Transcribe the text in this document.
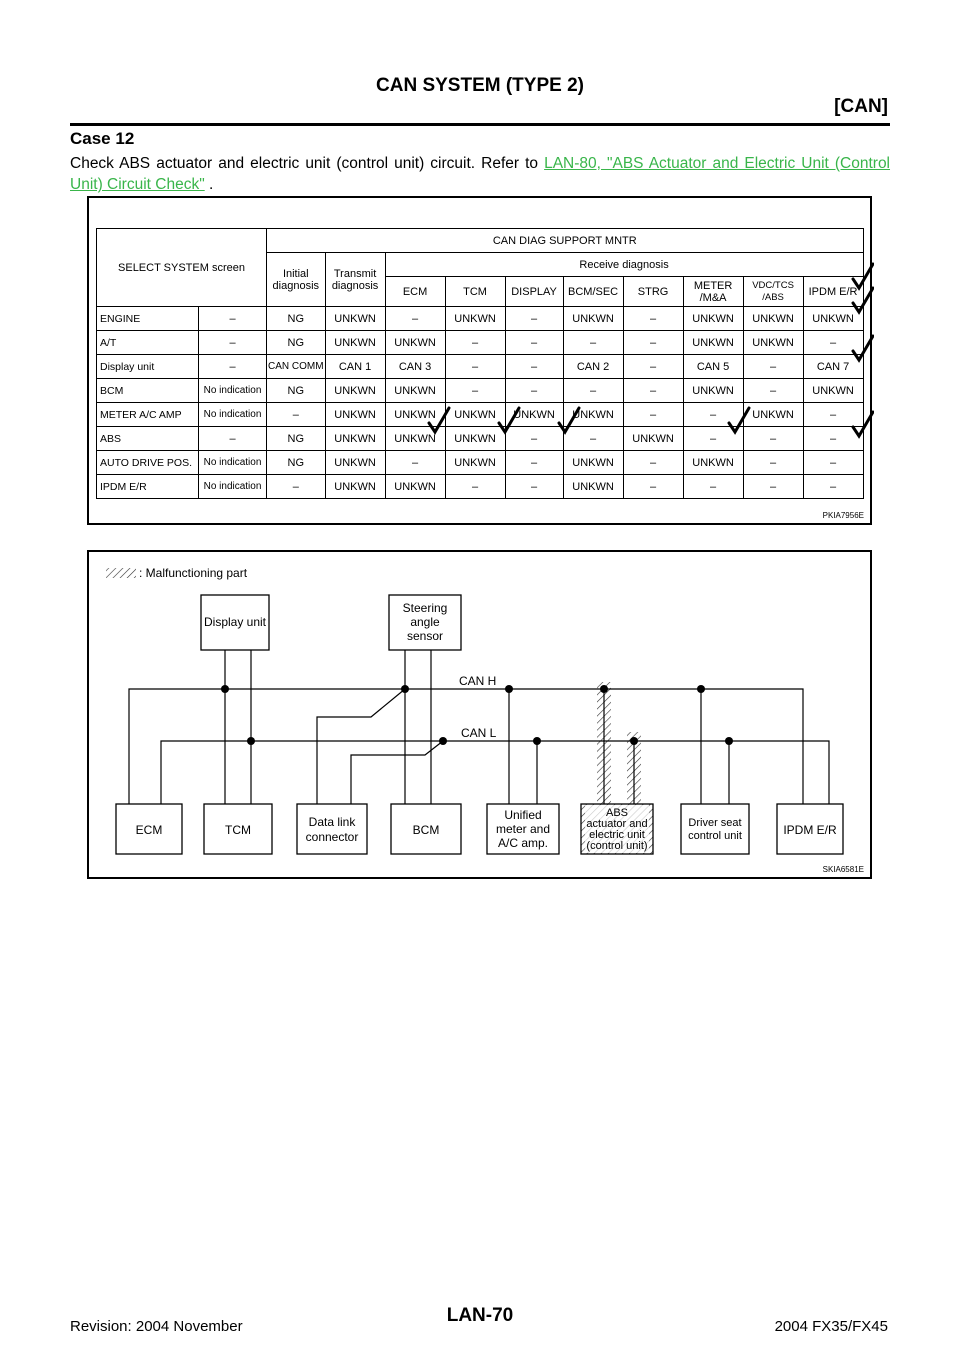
CAN SYSTEM (TYPE 2)
[CAN]
Case 12
Check ABS actuator and electric unit (control unit) circuit. Refer to LAN-80, "ABS Actuator and Electric Unit (Control Unit) Circuit Check" .
SELECT SYSTEM screen		CAN DIAG SUPPORT MNTR									
		Initial
diagnosis	Transmit
diagnosis	Receive diagnosis							
				ECM	TCM	DISPLAY	BCM/SEC	STRG	METER
/M&A	VDC/TCS
/ABS	IPDM E/R
ENGINE	–	NG	UNKWN	–	UNKWN	–	UNKWN	–	UNKWN	UNKWN	UNKWN
A/T	–	NG	UNKWN	UNKWN	–	–	–	–	UNKWN	UNKWN	–
Display unit	–	CAN COMM	CAN 1	CAN 3	–	–	CAN 2	–	CAN 5	–	CAN 7
BCM	No indication	NG	UNKWN	UNKWN	–	–	–	–	UNKWN	–	UNKWN
METER A/C AMP	No indication	–	UNKWN	UNKWN	UNKWN	UNKWN	UNKWN	–	–	UNKWN	–
ABS	–	NG	UNKWN	UNKWN	UNKWN	–	–	UNKWN	–	–	–
AUTO DRIVE POS.	No indication	NG	UNKWN	–	UNKWN	–	UNKWN	–	UNKWN	–	–
IPDM E/R	No indication	–	UNKWN	UNKWN	–	–	UNKWN	–	–	–	–
PKIA7956E
: Malfunctioning part
CAN H
CAN L
Display unit
Steering
angle
sensor
ECM	TCM
Data link
connector	BCM
Unified
meter and
A/C amp.
ABS
actuator and
electric unit
(control unit)
Driver seat
control unit	IPDM E/R
SKIA6581E
Revision: 2004 November
LAN-70
2004 FX35/FX45
